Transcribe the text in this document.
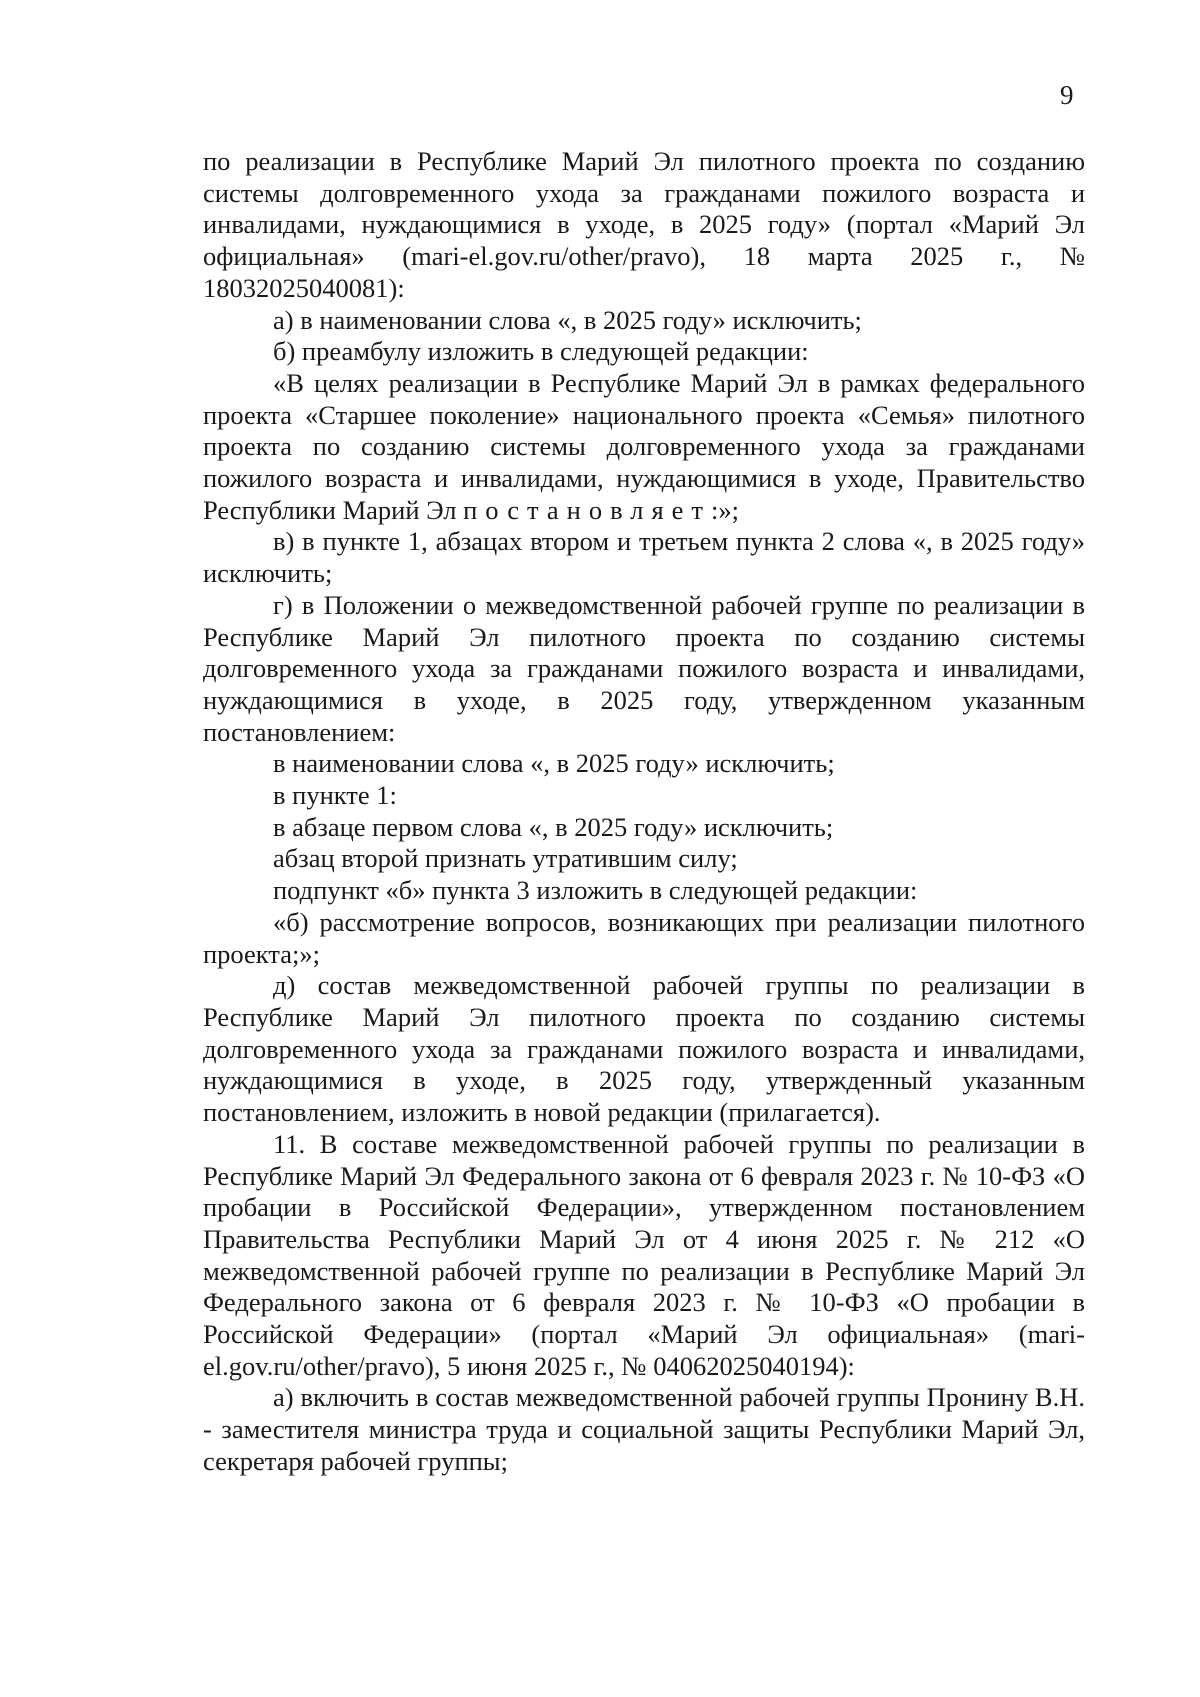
9

по реализации в Республике Марий Эл пилотного проекта по созданию системы долговременного ухода за гражданами пожилого возраста и инвалидами, нуждающимися в уходе, в 2025 году» (портал «Марий Эл официальная» (mari-el.gov.ru/other/pravo), 18 марта 2025 г., № 18032025040081):

а) в наименовании слова «, в 2025 году» исключить;

б) преамбулу изложить в следующей редакции:

«В целях реализации в Республике Марий Эл в рамках федерального проекта «Старшее поколение» национального проекта «Семья» пилотного проекта по созданию системы долговременного ухода за гражданами пожилого возраста и инвалидами, нуждающимися в уходе, Правительство Республики Марий Эл постановляет:»;

в) в пункте 1, абзацах втором и третьем пункта 2 слова «, в 2025 году» исключить;

г) в Положении о межведомственной рабочей группе по реализации в Республике Марий Эл пилотного проекта по созданию системы долговременного ухода за гражданами пожилого возраста и инвалидами, нуждающимися в уходе, в 2025 году, утвержденном указанным постановлением:

в наименовании слова «, в 2025 году» исключить;

в пункте 1:

в абзаце первом слова «, в 2025 году» исключить;

абзац второй признать утратившим силу;

подпункт «б» пункта 3 изложить в следующей редакции:

«б) рассмотрение вопросов, возникающих при реализации пилотного проекта;»;

д) состав межведомственной рабочей группы по реализации в Республике Марий Эл пилотного проекта по созданию системы долговременного ухода за гражданами пожилого возраста и инвалидами, нуждающимися в уходе, в 2025 году, утвержденный указанным постановлением, изложить в новой редакции (прилагается).

11. В составе межведомственной рабочей группы по реализации в Республике Марий Эл Федерального закона от 6 февраля 2023 г. № 10-ФЗ «О пробации в Российской Федерации», утвержденном постановлением Правительства Республики Марий Эл от 4 июня 2025 г. № 212 «О межведомственной рабочей группе по реализации в Республике Марий Эл Федерального закона от 6 февраля 2023 г. № 10-ФЗ «О пробации в Российской Федерации» (портал «Марий Эл официальная» (mari-el.gov.ru/other/pravo), 5 июня 2025 г., № 04062025040194):

а) включить в состав межведомственной рабочей группы Пронину В.Н. - заместителя министра труда и социальной защиты Республики Марий Эл, секретаря рабочей группы;
